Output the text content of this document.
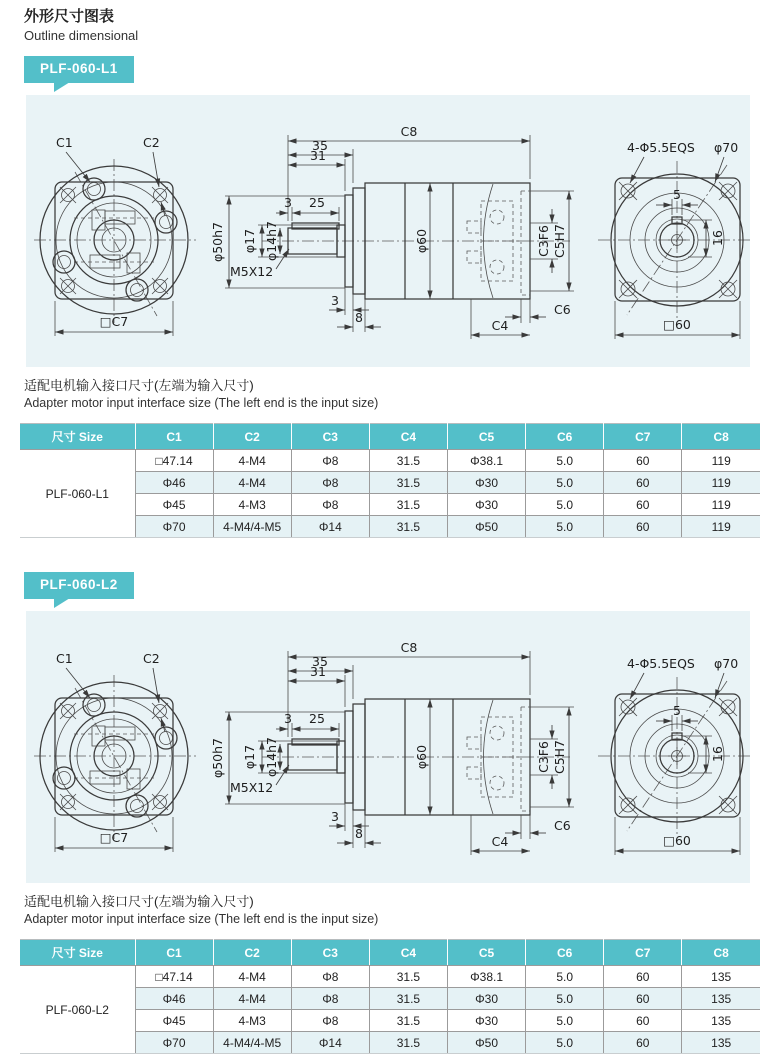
外形尺寸图表
Outline dimensional
PLF-060-L1
C1	C2
□C7
C8
35
31
3 25
φ17 φ14h7
φ50h7
M5X12
φ60
3
8
C3F6 C5H7
C6
C4
4-Φ5.5EQS φ70
5
16
□60
适配电机输入接口尺寸(左端为输入尺寸)
Adapter motor input interface size (The left end is the input size)
尺寸 Size	C1	C2	C3	C4	C5	C6	C7	C8
PLF-060-L1	□47.14	4-M4	Φ8	31.5	Φ38.1	5.0	60	119
	Φ46	4-M4	Φ8	31.5	Φ30	5.0	60	119
	Φ45	4-M3	Φ8	31.5	Φ30	5.0	60	119
	Φ70	4-M4/4-M5	Φ14	31.5	Φ50	5.0	60	119
PLF-060-L2
C1	C2
□C7
C8
35
31
3 25
φ17 φ14h7
φ50h7
M5X12
φ60
3
8
C3F6 C5H7
C6
C4
4-Φ5.5EQS φ70
5
16
□60
适配电机输入接口尺寸(左端为输入尺寸)
Adapter motor input interface size (The left end is the input size)
尺寸 Size	C1	C2	C3	C4	C5	C6	C7	C8
PLF-060-L2	□47.14	4-M4	Φ8	31.5	Φ38.1	5.0	60	135
	Φ46	4-M4	Φ8	31.5	Φ30	5.0	60	135
	Φ45	4-M3	Φ8	31.5	Φ30	5.0	60	135
	Φ70	4-M4/4-M5	Φ14	31.5	Φ50	5.0	60	135
